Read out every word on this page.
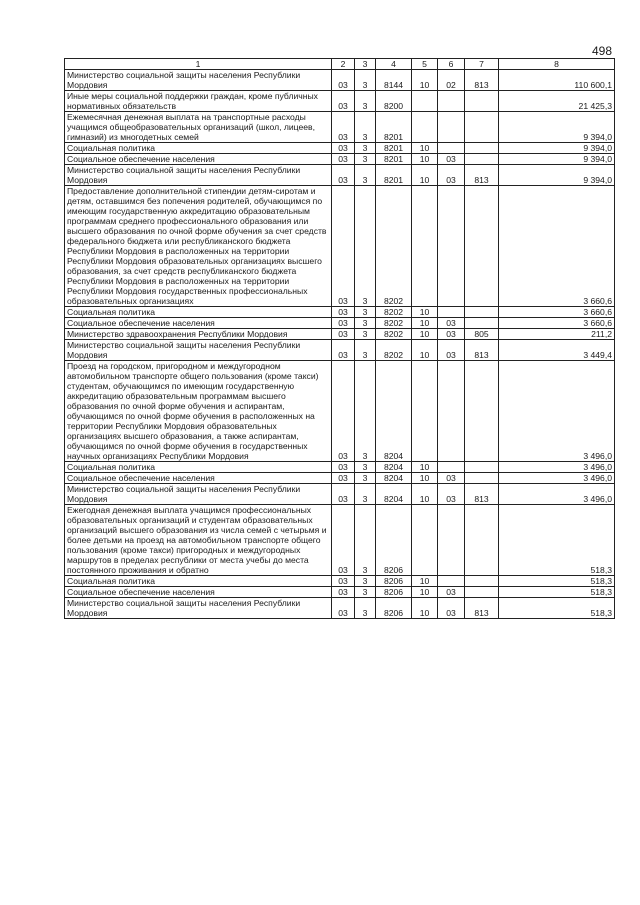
498
1	2	3	4	5	6	7	8
Министерство социальной защиты населения Республики Мордовия	03	3	8144	10	02	813	110 600,1
Иные меры социальной поддержки граждан, кроме публичных нормативных обязательств	03	3	8200				21 425,3
Ежемесячная денежная выплата на транспортные расходы учащимся общеобразовательных организаций (школ, лицеев, гимназий) из многодетных семей	03	3	8201				9 394,0
Социальная политика	03	3	8201	10			9 394,0
Социальное обеспечение населения	03	3	8201	10	03		9 394,0
Министерство социальной защиты населения Республики Мордовия	03	3	8201	10	03	813	9 394,0
Предоставление дополнительной стипендии детям-сиротам и детям, оставшимся без попечения родителей, обучающимся по имеющим государственную аккредитацию образовательным программам среднего профессионального образования или высшего образования по очной форме обучения за счет средств федерального бюджета или республиканского бюджета Республики Мордовия в расположенных на территории Республики Мордовия образовательных организациях высшего образования, за счет средств республиканского бюджета Республики Мордовия в расположенных на территории Республики Мордовия государственных профессиональных образовательных организациях	03	3	8202				3 660,6
Социальная политика	03	3	8202	10			3 660,6
Социальное обеспечение населения	03	3	8202	10	03		3 660,6
Министерство здравоохранения Республики Мордовия	03	3	8202	10	03	805	211,2
Министерство социальной защиты населения Республики Мордовия	03	3	8202	10	03	813	3 449,4
Проезд на городском, пригородном и междугородном автомобильном транспорте общего пользования (кроме такси) студентам, обучающимся по имеющим государственную аккредитацию образовательным программам высшего образования по очной форме обучения и аспирантам, обучающимся по очной форме обучения в расположенных на территории Республики Мордовия образовательных организациях высшего образования, а также аспирантам, обучающимся по очной форме обучения в государственных научных организациях Республики Мордовия	03	3	8204				3 496,0
Социальная политика	03	3	8204	10			3 496,0
Социальное обеспечение населения	03	3	8204	10	03		3 496,0
Министерство социальной защиты населения Республики Мордовия	03	3	8204	10	03	813	3 496,0
Ежегодная денежная выплата учащимся профессиональных образовательных организаций и студентам образовательных организаций высшего образования из числа семей с четырьмя и более детьми на проезд на автомобильном транспорте общего пользования (кроме такси) пригородных и междугородных маршрутов в пределах республики от места учебы до места постоянного проживания и обратно	03	3	8206				518,3
Социальная политика	03	3	8206	10			518,3
Социальное обеспечение населения	03	3	8206	10	03		518,3
Министерство социальной защиты населения Республики Мордовия	03	3	8206	10	03	813	518,3
